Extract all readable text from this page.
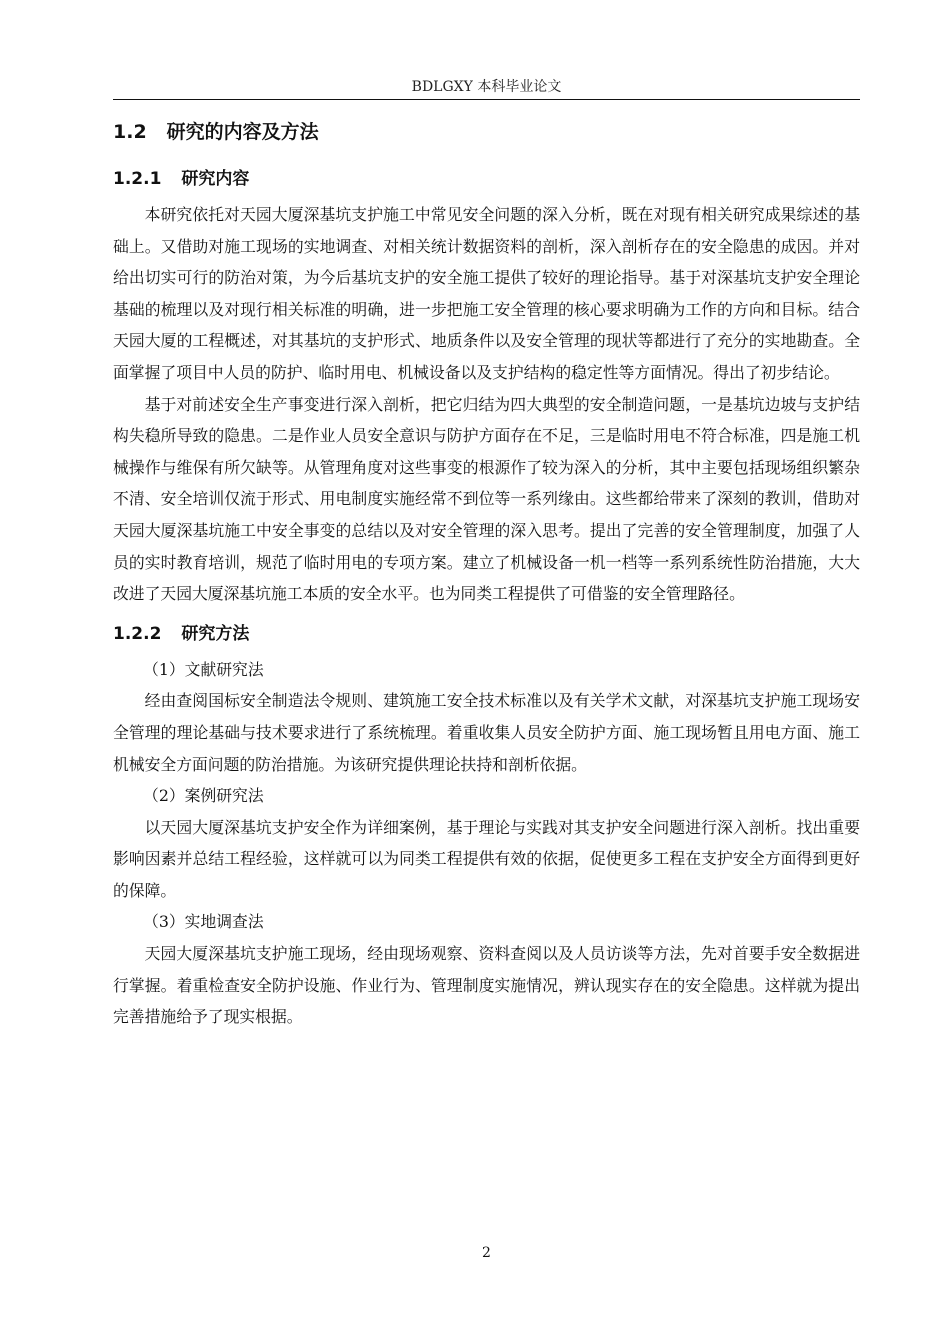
BDLGXY 本科毕业论文
1.2 研究的内容及方法
1.2.1 研究内容

本研究依托对天园大厦深基坑支护施工中常见安全问题的深入分析，既在对现有相关研究成果综述的基础上。又借助对施工现场的实地调查、对相关统计数据资料的剖析，深入剖析存在的安全隐患的成因。并对给出切实可行的防治对策，为今后基坑支护的安全施工提供了较好的理论指导。基于对深基坑支护安全理论基础的梳理以及对现行相关标准的明确，进一步把施工安全管理的核心要求明确为工作的方向和目标。结合天园大厦的工程概述，对其基坑的支护形式、地质条件以及安全管理的现状等都进行了充分的实地勘查。全面掌握了项目中人员的防护、临时用电、机械设备以及支护结构的稳定性等方面情况。得出了初步结论。

基于对前述安全生产事变进行深入剖析，把它归结为四大典型的安全制造问题，一是基坑边坡与支护结构失稳所导致的隐患。二是作业人员安全意识与防护方面存在不足，三是临时用电不符合标准，四是施工机械操作与维保有所欠缺等。从管理角度对这些事变的根源作了较为深入的分析，其中主要包括现场组织繁杂不清、安全培训仅流于形式、用电制度实施经常不到位等一系列缘由。这些都给带来了深刻的教训，借助对天园大厦深基坑施工中安全事变的总结以及对安全管理的深入思考。提出了完善的安全管理制度，加强了人员的实时教育培训，规范了临时用电的专项方案。建立了机械设备一机一档等一系列系统性防治措施，大大改进了天园大厦深基坑施工本质的安全水平。也为同类工程提供了可借鉴的安全管理路径。

1.2.2 研究方法

（1）文献研究法

经由查阅国标安全制造法令规则、建筑施工安全技术标准以及有关学术文献，对深基坑支护施工现场安全管理的理论基础与技术要求进行了系统梳理。着重收集人员安全防护方面、施工现场暂且用电方面、施工机械安全方面问题的防治措施。为该研究提供理论扶持和剖析依据。

（2）案例研究法

以天园大厦深基坑支护安全作为详细案例，基于理论与实践对其支护安全问题进行深入剖析。找出重要影响因素并总结工程经验，这样就可以为同类工程提供有效的依据，促使更多工程在支护安全方面得到更好的保障。

（3）实地调查法

天园大厦深基坑支护施工现场，经由现场观察、资料查阅以及人员访谈等方法，先对首要手安全数据进行掌握。着重检查安全防护设施、作业行为、管理制度实施情况，辨认现实存在的安全隐患。这样就为提出完善措施给予了现实根据。

2
